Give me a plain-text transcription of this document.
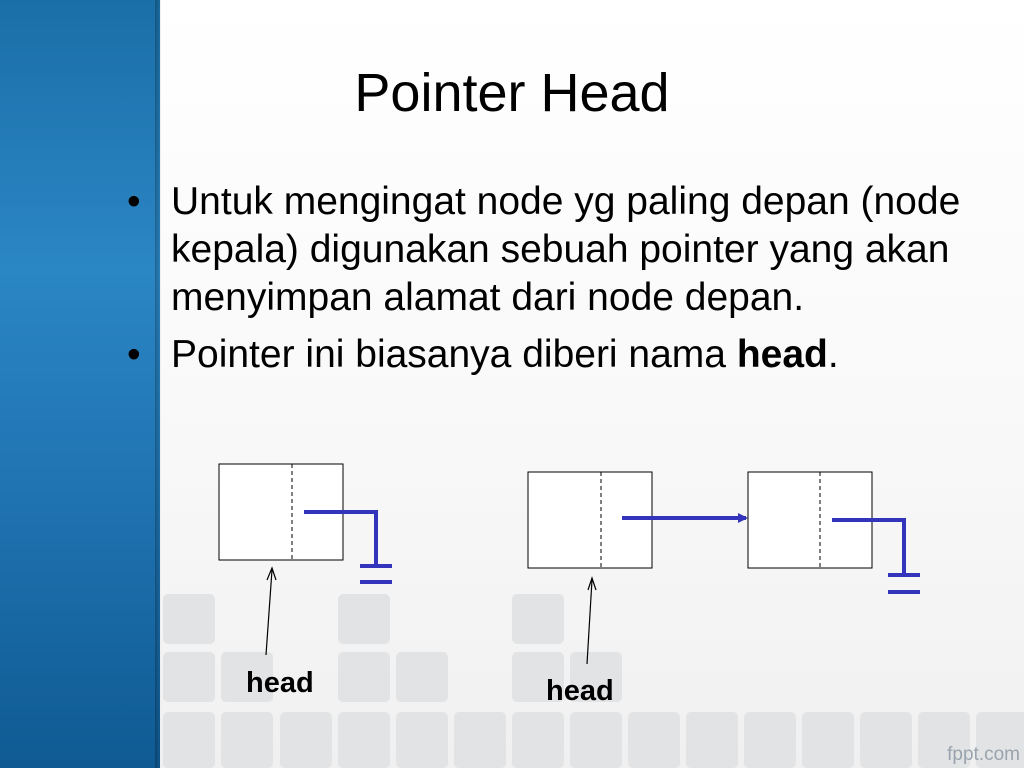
Pointer Head
• Untuk mengingat node yg paling depan (node kepala) digunakan sebuah pointer yang akan menyimpan alamat dari node depan.
• Pointer ini biasanya diberi nama head.
head	head
fppt.com
